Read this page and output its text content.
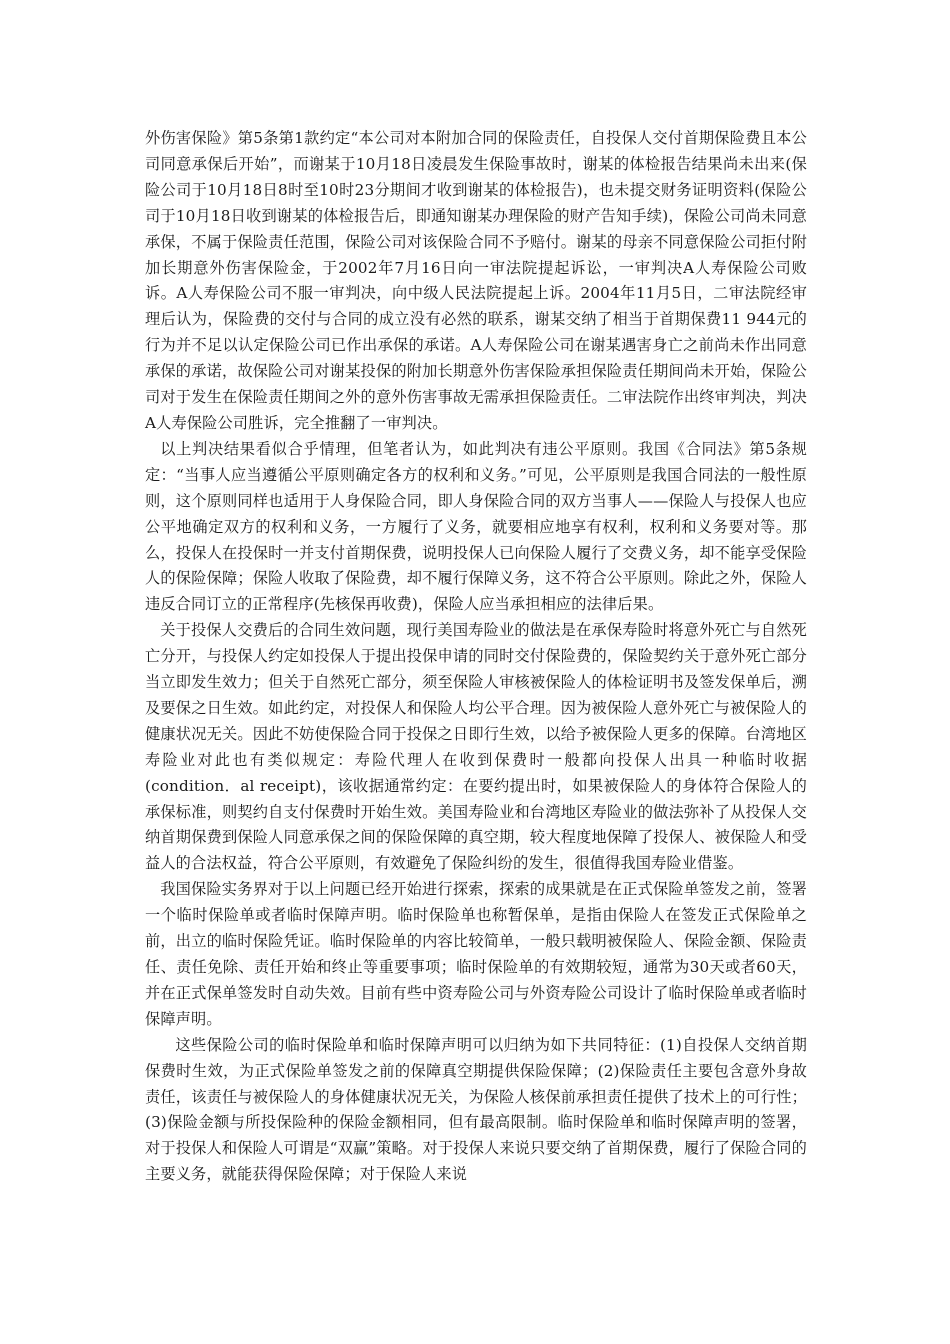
外伤害保险》第5条第1款约定“本公司对本附加合同的保险责任，自投保人交付首期保险费且本公司同意承保后开始”，而谢某于10月18日凌晨发生保险事故时，谢某的体检报告结果尚未出来(保险公司于10月18日8时至10时23分期间才收到谢某的体检报告)，也未提交财务证明资料(保险公司于10月18日收到谢某的体检报告后，即通知谢某办理保险的财产告知手续)，保险公司尚未同意承保，不属于保险责任范围，保险公司对该保险合同不予赔付。谢某的母亲不同意保险公司拒付附加长期意外伤害保险金，于2002年7月16日向一审法院提起诉讼，一审判决A人寿保险公司败诉。A人寿保险公司不服一审判决，向中级人民法院提起上诉。2004年11月5日，二审法院经审理后认为，保险费的交付与合同的成立没有必然的联系，谢某交纳了相当于首期保费11 944元的行为并不足以认定保险公司已作出承保的承诺。A人寿保险公司在谢某遇害身亡之前尚未作出同意承保的承诺，故保险公司对谢某投保的附加长期意外伤害保险承担保险责任期间尚未开始，保险公司对于发生在保险责任期间之外的意外伤害事故无需承担保险责任。二审法院作出终审判决，判决A人寿保险公司胜诉，完全推翻了一审判决。

以上判决结果看似合乎情理，但笔者认为，如此判决有违公平原则。我国《合同法》第5条规定：“当事人应当遵循公平原则确定各方的权利和义务。”可见，公平原则是我国合同法的一般性原则，这个原则同样也适用于人身保险合同，即人身保险合同的双方当事人——保险人与投保人也应公平地确定双方的权利和义务，一方履行了义务，就要相应地享有权利，权利和义务要对等。那么，投保人在投保时一并支付首期保费，说明投保人已向保险人履行了交费义务，却不能享受保险人的保险保障；保险人收取了保险费，却不履行保障义务，这不符合公平原则。除此之外，保险人违反合同订立的正常程序(先核保再收费)，保险人应当承担相应的法律后果。

关于投保人交费后的合同生效问题，现行美国寿险业的做法是在承保寿险时将意外死亡与自然死亡分开，与投保人约定如投保人于提出投保申请的同时交付保险费的，保险契约关于意外死亡部分当立即发生效力；但关于自然死亡部分，须至保险人审核被保险人的体检证明书及签发保单后，溯及要保之日生效。如此约定，对投保人和保险人均公平合理。因为被保险人意外死亡与被保险人的健康状况无关。因此不妨使保险合同于投保之日即行生效，以给予被保险人更多的保障。台湾地区寿险业对此也有类似规定：寿险代理人在收到保费时一般都向投保人出具一种临时收据(condition．al receipt)，该收据通常约定：在要约提出时，如果被保险人的身体符合保险人的承保标准，则契约自支付保费时开始生效。美国寿险业和台湾地区寿险业的做法弥补了从投保人交纳首期保费到保险人同意承保之间的保险保障的真空期，较大程度地保障了投保人、被保险人和受益人的合法权益，符合公平原则，有效避免了保险纠纷的发生，很值得我国寿险业借鉴。

我国保险实务界对于以上问题已经开始进行探索，探索的成果就是在正式保险单签发之前，签署一个临时保险单或者临时保障声明。临时保险单也称暂保单，是指由保险人在签发正式保险单之前，出立的临时保险凭证。临时保险单的内容比较简单，一般只载明被保险人、保险金额、保险责任、责任免除、责任开始和终止等重要事项；临时保险单的有效期较短，通常为30天或者60天，并在正式保单签发时自动失效。目前有些中资寿险公司与外资寿险公司设计了临时保险单或者临时保障声明。

这些保险公司的临时保险单和临时保障声明可以归纳为如下共同特征：(1)自投保人交纳首期保费时生效，为正式保险单签发之前的保障真空期提供保险保障；(2)保险责任主要包含意外身故责任，该责任与被保险人的身体健康状况无关，为保险人核保前承担责任提供了技术上的可行性；(3)保险金额与所投保险种的保险金额相同，但有最高限制。临时保险单和临时保障声明的签署，对于投保人和保险人可谓是“双赢”策略。对于投保人来说只要交纳了首期保费，履行了保险合同的主要义务，就能获得保险保障；对于保险人来说
